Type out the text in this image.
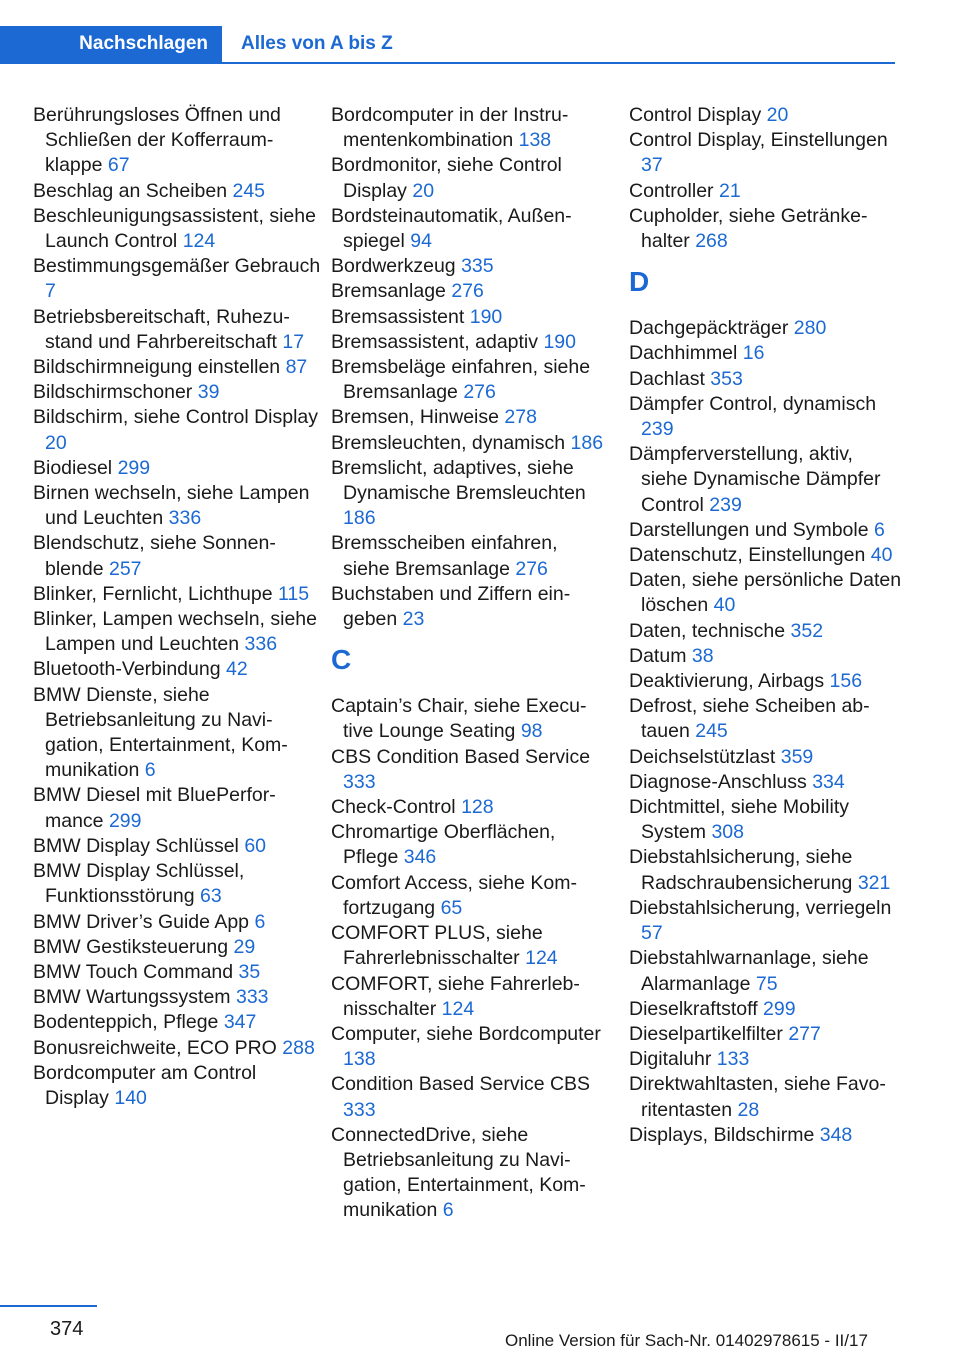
Nachschlagen	Alles von A bis Z
Berührungsloses Öffnen und Schließen der Kofferraumklappe 67
Beschlag an Scheiben 245
Beschleunigungsassistent, siehe Launch Control 124
Bestimmungsgemäßer Gebrauch 7
Betriebsbereitschaft, Ruhezustand und Fahrbereitschaft 17
Bildschirmneigung einstellen 87
Bildschirmschoner 39
Bildschirm, siehe Control Display 20
Biodiesel 299
Birnen wechseln, siehe Lampen und Leuchten 336
Blendschutz, siehe Sonnenblende 257
Blinker, Fernlicht, Lichthupe 115
Blinker, Lampen wechseln, siehe Lampen und Leuchten 336
Bluetooth-Verbindung 42
BMW Dienste, siehe Betriebsanleitung zu Navigation, Entertainment, Kommunikation 6
BMW Diesel mit BluePerformance 299
BMW Display Schlüssel 60
BMW Display Schlüssel, Funktionsstörung 63
BMW Driver’s Guide App 6
BMW Gestiksteuerung 29
BMW Touch Command 35
BMW Wartungssystem 333
Bodenteppich, Pflege 347
Bonusreichweite, ECO PRO 288
Bordcomputer am Control Display 140
Bordcomputer in der Instrumentenkombination 138
Bordmonitor, siehe Control Display 20
Bordsteinautomatik, Außenspiegel 94
Bordwerkzeug 335
Bremsanlage 276
Bremsassistent 190
Bremsassistent, adaptiv 190
Bremsbeläge einfahren, siehe Bremsanlage 276
Bremsen, Hinweise 278
Bremsleuchten, dynamisch 186
Bremslicht, adaptives, siehe Dynamische Bremsleuchten 186
Bremsscheiben einfahren, siehe Bremsanlage 276
Buchstaben und Ziffern eingeben 23
C
Captain’s Chair, siehe Executive Lounge Seating 98
CBS Condition Based Service 333
Check-Control 128
Chromartige Oberflächen, Pflege 346
Comfort Access, siehe Komfortzugang 65
COMFORT PLUS, siehe Fahrerlebnisschalter 124
COMFORT, siehe Fahrerlebnisschalter 124
Computer, siehe Bordcomputer 138
Condition Based Service CBS 333
ConnectedDrive, siehe Betriebsanleitung zu Navigation, Entertainment, Kommunikation 6
Control Display 20
Control Display, Einstellungen 37
Controller 21
Cupholder, siehe Getränkehalter 268
D
Dachgepäckträger 280
Dachhimmel 16
Dachlast 353
Dämpfer Control, dynamisch 239
Dämpferverstellung, aktiv, siehe Dynamische Dämpfer Control 239
Darstellungen und Symbole 6
Datenschutz, Einstellungen 40
Daten, siehe persönliche Daten löschen 40
Daten, technische 352
Datum 38
Deaktivierung, Airbags 156
Defrost, siehe Scheiben abtauen 245
Deichselstützlast 359
Diagnose-Anschluss 334
Dichtmittel, siehe Mobility System 308
Diebstahlsicherung, siehe Radschraubensicherung 321
Diebstahlsicherung, verriegeln 57
Diebstahlwarnanlage, siehe Alarmanlage 75
Dieselkraftstoff 299
Dieselpartikelfilter 277
Digitaluhr 133
Direktwahltasten, siehe Favoritentasten 28
Displays, Bildschirme 348
374
Online Version für Sach-Nr. 01402978615 - II/17
